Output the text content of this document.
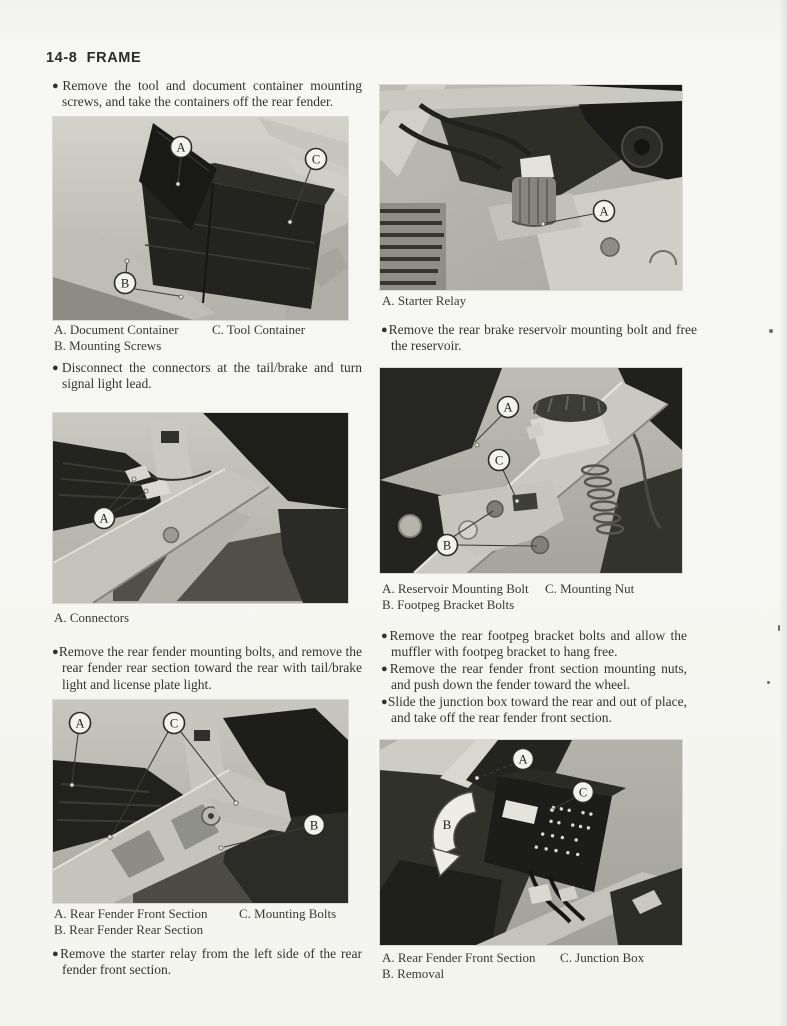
14-8  FRAME
●Remove the tool and document container mounting screws, and take the containers off the rear fender.
A
C
B
A. Document Container	C. Tool Container
B. Mounting Screws
●Disconnect the connectors at the tail/brake and turn signal light lead.
A
A. Connectors
●Remove the rear fender mounting bolts, and remove the rear fender rear section toward the rear with tail/brake light and license plate light.
A	C
B
A. Rear Fender Front Section C. Mounting Bolts
B. Rear Fender Rear Section
●Remove the starter relay from the left side of the rear fender front section.
A
A. Starter Relay
●Remove the rear brake reservoir mounting bolt and free the reservoir.
A
C
B
A. Reservoir Mounting Bolt C. Mounting Nut
B. Footpeg Bracket Bolts
●Remove the rear footpeg bracket bolts and allow the muffler with footpeg bracket to hang free.
●Remove the rear fender front section mounting nuts, and push down the fender toward the wheel.
●Slide the junction box toward the rear and out of place, and take off the rear fender front section.
B
A
C
A. Rear Fender Front Section C. Junction Box
B. Removal
